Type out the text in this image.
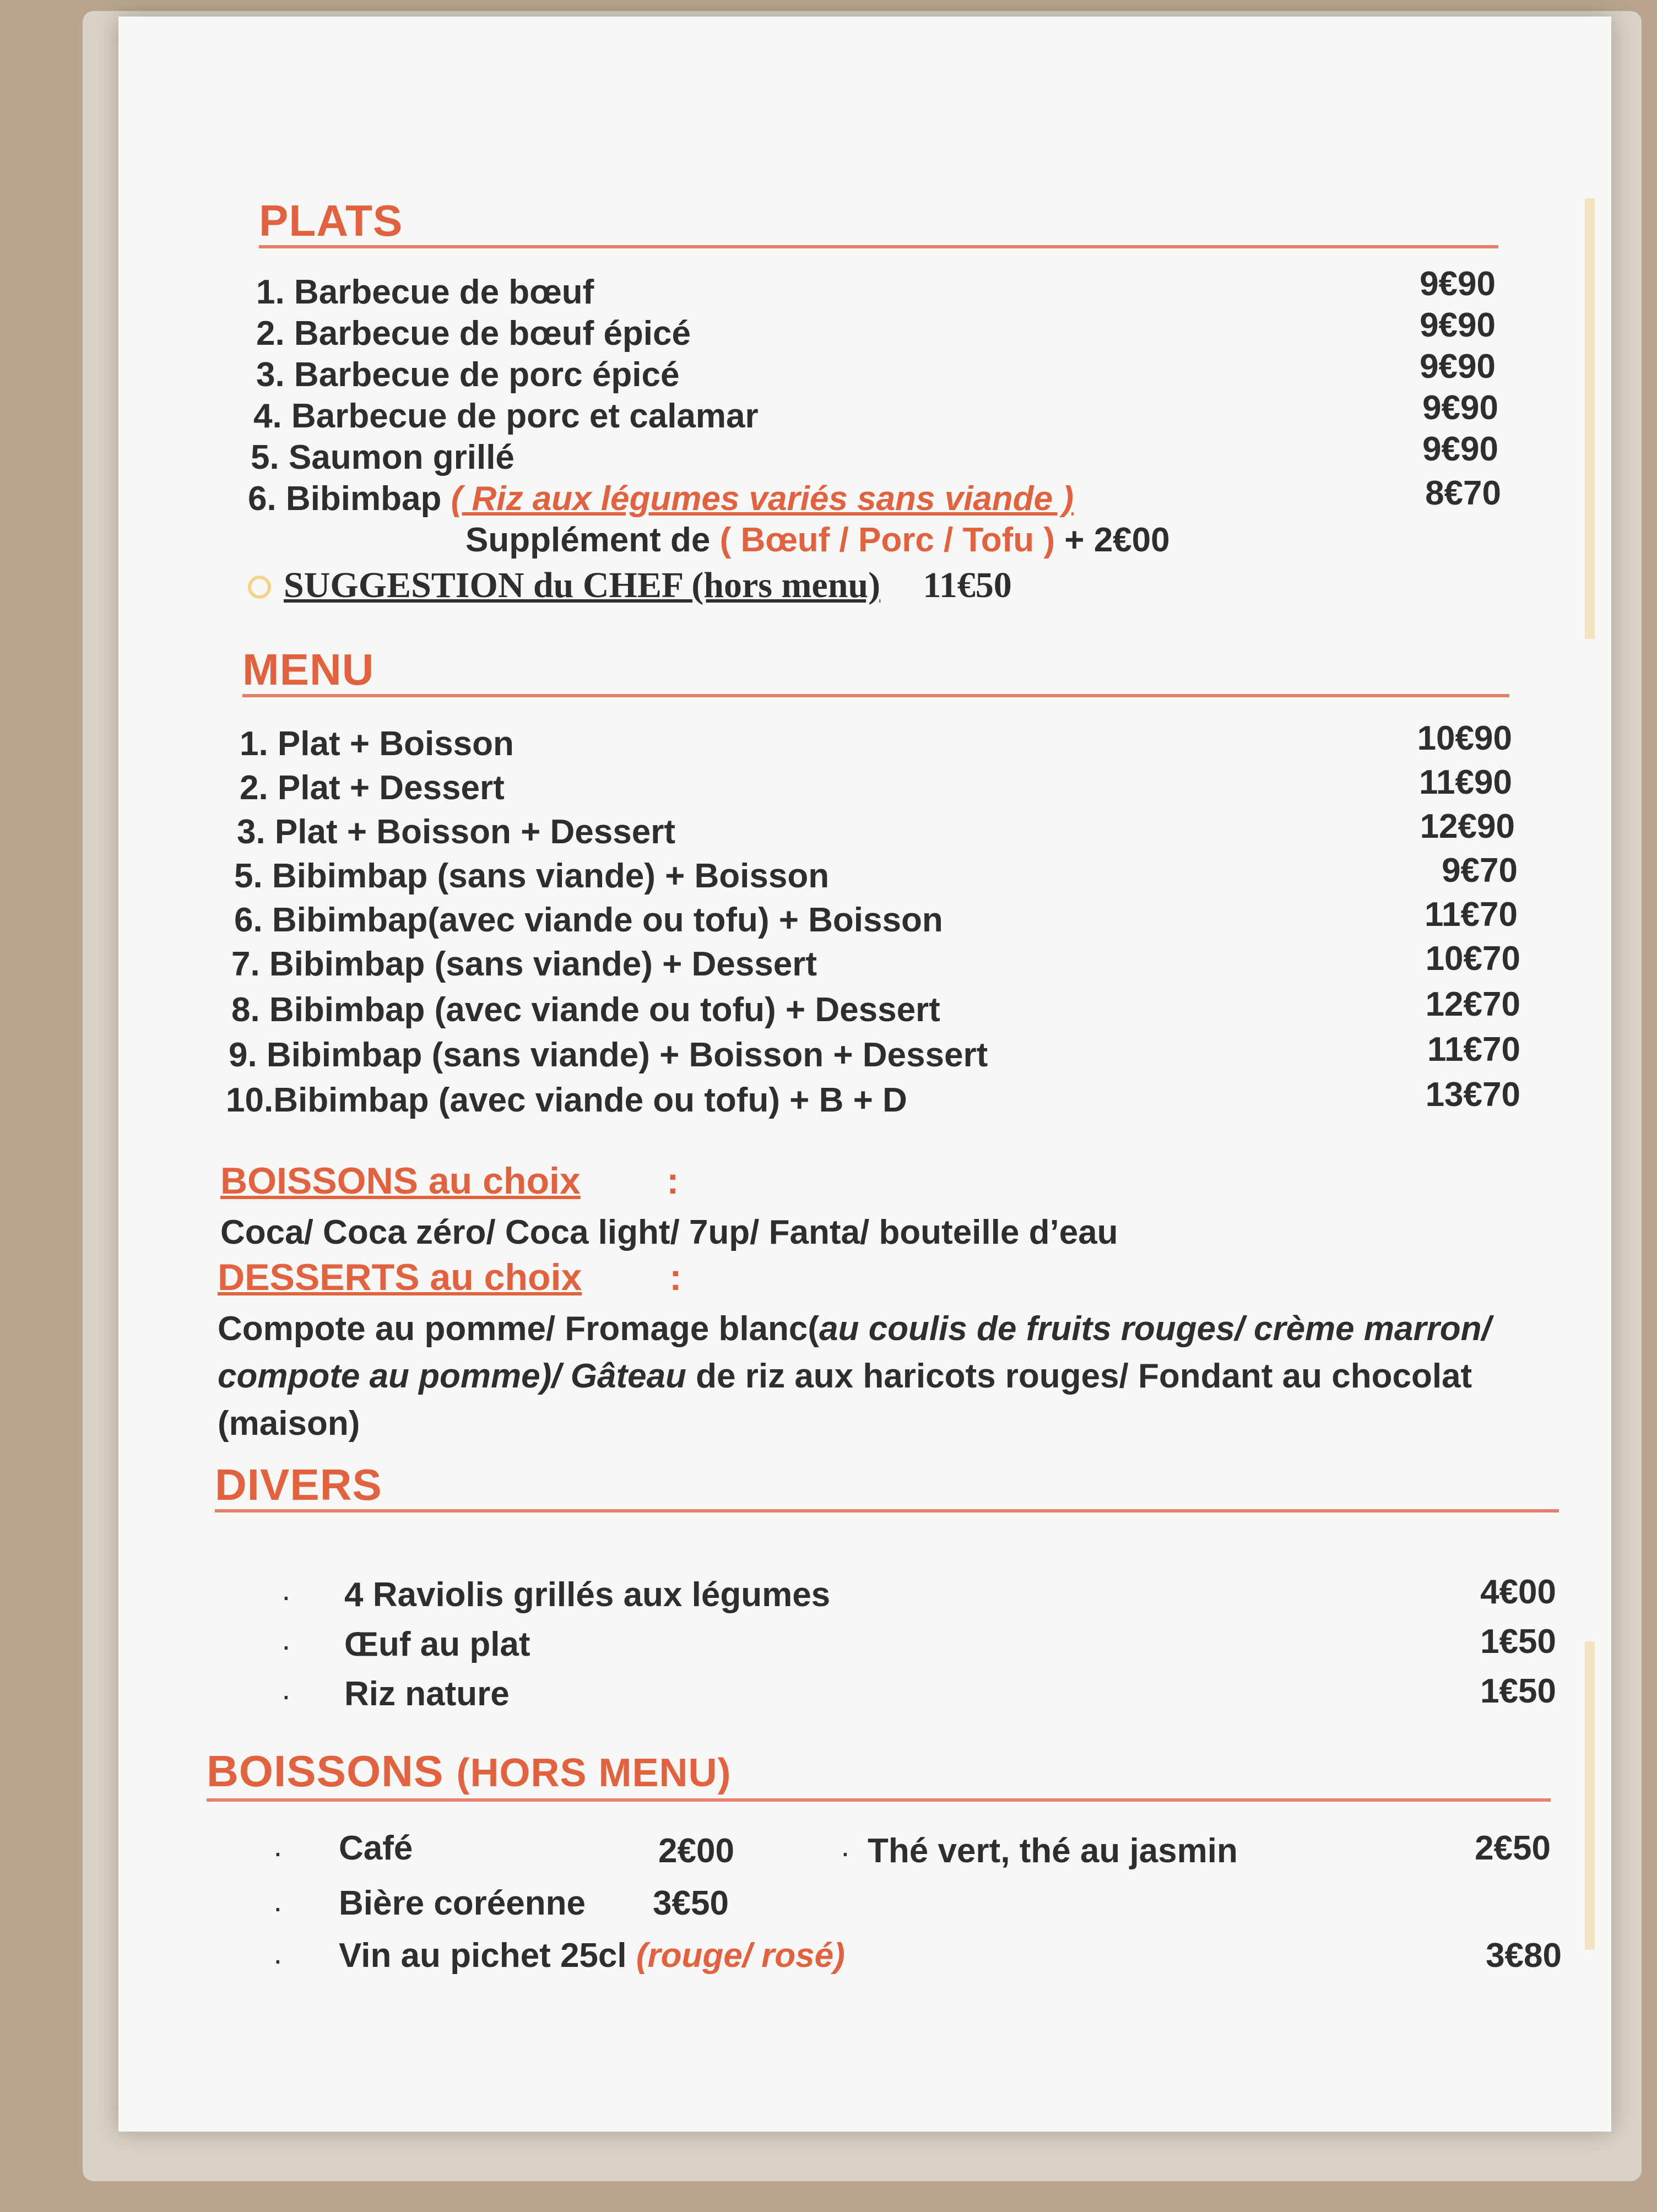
PLATS
1. Barbecue de bœuf	9€90
2. Barbecue de bœuf épicé	9€90
3. Barbecue de porc épicé	9€90
4. Barbecue de porc et calamar	9€90
5. Saumon grillé	9€90
6. Bibimbap ( Riz aux légumes variés sans viande )	8€70
Supplément de ( Bœuf / Porc / Tofu ) + 2€00
SUGGESTION du CHEF (hors menu) 11€50
MENU
1. Plat + Boisson	10€90
2. Plat + Dessert	11€90
3. Plat + Boisson + Dessert	12€90
5. Bibimbap (sans viande) + Boisson	9€70
6. Bibimbap(avec viande ou tofu) + Boisson	11€70
7. Bibimbap (sans viande) + Dessert	10€70
8. Bibimbap (avec viande ou tofu) + Dessert	12€70
9. Bibimbap (sans viande) + Boisson + Dessert	11€70
10.Bibimbap (avec viande ou tofu) + B + D	13€70
BOISSONS au choix :
Coca/ Coca zéro/ Coca light/ 7up/ Fanta/ bouteille d’eau
DESSERTS au choix :
Compote au pomme/ Fromage blanc(au coulis de fruits rouges/ crème marron/ compote au pomme)/ Gâteau de riz aux haricots rouges/ Fondant au chocolat (maison)
DIVERS
· 4 Raviolis grillés aux légumes	4€00
· Œuf au plat	1€50
· Riz nature	1€50
BOISSONS (HORS MENU)
· Café	2€00	· Thé vert, thé au jasmin	2€50
· Bière coréenne 3€50
· Vin au pichet 25cl (rouge/ rosé)	3€80
